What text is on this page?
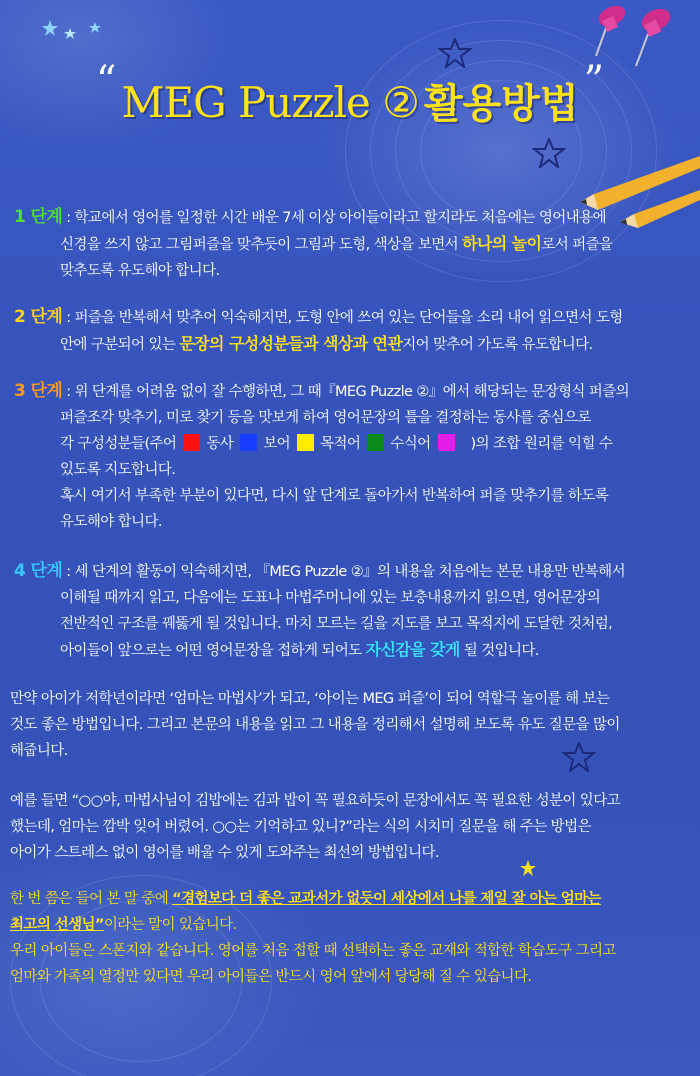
“ MEG Puzzle ② 활용방법 ”
1 단계 : 학교에서 영어를 일정한 시간 배운 7세 이상 아이들이라고 할지라도 처음에는 영어내용에
신경을 쓰지 않고 그림퍼즐을 맞추듯이 그림과 도형, 색상을 보면서 하나의 놀이로서 퍼즐을
맞추도록 유도해야 합니다.
2 단계 : 퍼즐을 반복해서 맞추어 익숙해지면, 도형 안에 쓰여 있는 단어들을 소리 내어 읽으면서 도형
안에 구분되어 있는 문장의 구성성분들과 색상과 연관지어 맞추어 가도록 유도합니다.
3 단계 : 위 단계를 어려움 없이 잘 수행하면, 그 때『MEG Puzzle ②』에서 해당되는 문장형식 퍼즐의
퍼즐조각 맞추기, 미로 찾기 등을 맛보게 하여 영어문장의 틀을 결정하는 동사를 중심으로
각 구성성분들(주어 동사 보어 목적어 수식어	)의 조합 원리를 익힐 수
있도록 지도합니다.
혹시 여기서 부족한 부분이 있다면, 다시 앞 단계로 돌아가서 반복하여 퍼즐 맞추기를 하도록
유도해야 합니다.
4 단계 : 세 단계의 활동이 익숙해지면, 『MEG Puzzle ②』의 내용을 처음에는 본문 내용만 반복해서
이해될 때까지 읽고, 다음에는 도표나 마법주머니에 있는 보충내용까지 읽으면, 영어문장의
전반적인 구조를 꿰뚫게 될 것입니다. 마치 모르는 길을 지도를 보고 목적지에 도달한 것처럼,
아이들이 앞으로는 어떤 영어문장을 접하게 되어도 자신감을 갖게 될 것입니다.
만약 아이가 저학년이라면 ‘엄마는 마법사’가 되고, ‘아이는 MEG 퍼즐’이 되어 역할극 놀이를 해 보는
것도 좋은 방법입니다. 그리고 본문의 내용을 읽고 그 내용을 정리해서 설명해 보도록 유도 질문을 많이
해줍니다.
예를 들면 “○○야, 마법사님이 김밥에는 김과 밥이 꼭 필요하듯이 문장에서도 꼭 필요한 성분이 있다고
했는데, 엄마는 깜박 잊어 버렸어. ○○는 기억하고 있니?”라는 식의 시치미 질문을 해 주는 방법은
아이가 스트레스 없이 영어를 배울 수 있게 도와주는 최선의 방법입니다.
한 번 쯤은 들어 본 말 중에 “경험보다 더 좋은 교과서가 없듯이 세상에서 나를 제일 잘 아는 엄마는
최고의 선생님”이라는 말이 있습니다.
우리 아이들은 스폰지와 같습니다. 영어를 처음 접할 때 선택하는 좋은 교재와 적합한 학습도구 그리고
엄마와 가족의 열정만 있다면 우리 아이들은 반드시 영어 앞에서 당당해 질 수 있습니다.
